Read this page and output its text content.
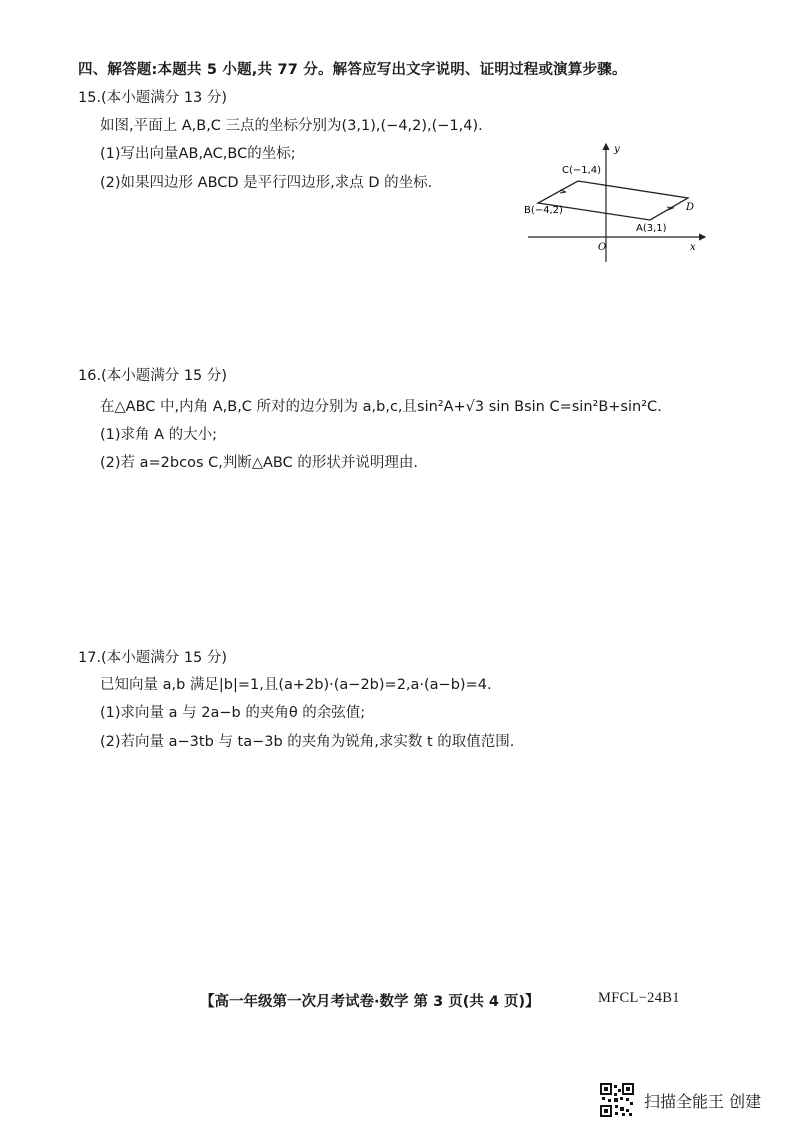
四、解答题:本题共 5 小题,共 77 分。解答应写出文字说明、证明过程或演算步骤。
15.(本小题满分 13 分)
如图,平面上 A,B,C 三点的坐标分别为(3,1),(−4,2),(−1,4).
(1)写出向量AB,AC,BC的坐标;
(2)如果四边形 ABCD 是平行四边形,求点 D 的坐标.
y
C(−1,4)
D
B(−4,2)
A(3,1)
O	x
16.(本小题满分 15 分)
在△ABC 中,内角 A,B,C 所对的边分别为 a,b,c,且sin²A+√3 sin Bsin C=sin²B+sin²C.
(1)求角 A 的大小;
(2)若 a=2bcos C,判断△ABC 的形状并说明理由.
17.(本小题满分 15 分)
已知向量 a,b 满足|b|=1,且(a+2b)·(a−2b)=2,a·(a−b)=4.
(1)求向量 a 与 2a−b 的夹角θ 的余弦值;
(2)若向量 a−3tb 与 ta−3b 的夹角为锐角,求实数 t 的取值范围.
【高一年级第一次月考试卷·数学 第 3 页(共 4 页)】	MFCL−24B1
扫描全能王 创建
